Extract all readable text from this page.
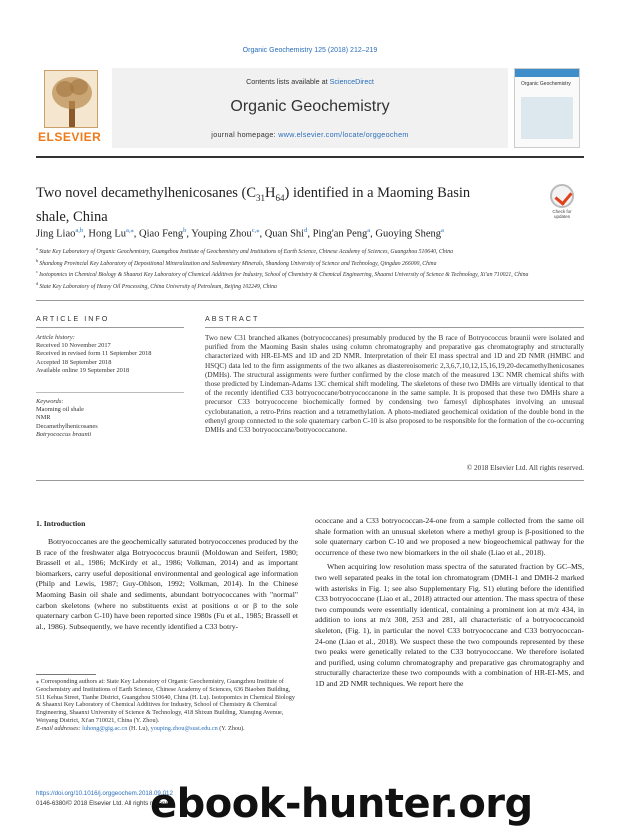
Organic Geochemistry 125 (2018) 212–219
ELSEVIER
Contents lists available at ScienceDirect
Organic Geochemistry
journal homepage: www.elsevier.com/locate/orggeochem
Organic Geochemistry
Two novel decamethylhenicosanes $(C_{31}H_{64})$ identified in a Maoming Basin shale, China	Check for updates
Jing Liao$^{a,b}$, Hong $Lu^{a,⁎}$, Qiao Feng$^b$, Youping Zhou$^{c,⁎}$, Quan Shi$^d$, Ping'an Peng$^a$, Guoying Sheng$^a$
$^a$ State Key Laboratory of Organic Geochemistry, Guangzhou Institute of Geochemistry and Institutions of Earth Science, Chinese Academy of Sciences, Guangzhou 510640, China
$^b$ Shandong Provincial Key Laboratory of Depositional Mineralization and Sedimentary Minerals, Shandong University of Science and Technology, Qingdao 266000, China
$^c$ Isotopomics in Chemical Biology & Shaanxi Key Laboratory of Chemical Additives for Industry, School of Chemistry & Chemical Engineering, Shaanxi University of Science & Technology, Xi'an 710021, China
$^d$ State Key Laboratory of Heavy Oil Processing, China University of Petroleum, Beijing 102249, China
ARTICLE INFO	ABSTRACT
Article history:
Received 10 November 2017
Received in revised form 11 September 2018
Accepted 18 September 2018
Available online 19 September 2018
Keywords:
Maoming oil shale
NMR
Decamethylhenicosanes
Botryococcus braunii
Two new C31 branched alkanes (botryococcanes) presumably produced by the B race of Botryococcus braunii were isolated and purified from the Maoming Basin shales using column chromatography and preparative gas chromatography and structurally characterized with HR-EI-MS and 1D and 2D NMR. Interpretation of their EI mass spectral and 1D and 2D NMR (HMBC and HSQC) data led to the firm assignments of the two alkanes as diastereoisomeric 2,3,6,7,10,12,15,16,19,20-decamethylhenicosanes (DMHs). The structural assignments were further confirmed by the close match of the measured 13C NMR chemical shifts with those predicted by Lindeman-Adams 13C chemical shift modeling. The skeletons of these two DMHs are virtually identical to that of the recently identified C33 botryococcane/botryococcanone in the same sample. It is proposed that these two DMHs share a precursor C33 botryococcene biochemically formed by condensing two farnesyl diphosphates involving an unusual cyclobutanation, a retro-Prins reaction and a tetramethylation. A photo-mediated geochemical oxidation of the double bond in the ethenyl group connected to the sole quaternary carbon C-10 is also proposed to be responsible for the formation of the co-occurring DMHs and C33 botryococcane/botryococcanone.
© 2018 Elsevier Ltd. All rights reserved.
1. Introduction

Botryococcanes are the geochemically saturated botryococcenes produced by the B race of the freshwater alga Botryococcus braunii (Moldowan and Seifert, 1980; Brassell et al., 1986; McKirdy et al., 1986; Volkman, 2014) and as important biomarkers, carry useful depositional environmental and geological age information (Philp and Lewis, 1987; Guy-Ohlson, 1992; Volkman, 2014). In the Chinese Maoming Basin oil shale and sediments, abundant botryococcanes with "normal" carbon skeletons (where no substituents exist at positions α or β to the sole quaternary carbon C-10) have been reported since 1980s (Fu et al., 1985; Brassell et al., 1986). Subsequently, we have recently identified a C33 botry-

ococcane and a C33 botryococcan-24-one from a sample collected from the same oil shale formation with an unusual skeleton where a methyl group is β-positioned to the sole quaternary carbon C-10 and we proposed a new biogeochemical pathway for the occurrence of these two new biomarkers in the oil shale (Liao et al., 2018).

When acquiring low resolution mass spectra of the saturated fraction by GC–MS, two well separated peaks in the total ion chromatogram (DMH-1 and DMH-2 marked with asterisks in Fig. 1; see also Supplementary Fig. S1) eluting before the identified C33 botryococcane (Liao et al., 2018) attracted our attention. The mass spectra of these two compounds were essentially identical, containing a prominent ion at m/z 434, in addition to ions at m/z 308, 253 and 281, all characteristic of a botryococcanoid skeleton, (Fig. 1), in particular the novel C33 botryococcane and C33 botryococcan-24-one (Liao et al., 2018). We suspect these the two compounds represented by these two peaks were genetically related to the C33 botryococcane. We therefore isolated and purified, using column chromatography and preparative gas chromatography and structurally characterize these two compounds with a combination of HR-EI-MS, and 1D and 2D NMR techniques. We report here the

⁎ Corresponding authors at: State Key Laboratory of Organic Geochemistry, Guangzhou Institute of Geochemistry and Institutions of Earth Science, Chinese Academy of Sciences, 636 Biaoben Building, 511 Kehua Street, Tianhe District, Guangzhou 510640, China (H. Lu). Isotopomics in Chemical Biology & Shaanxi Key Laboratory of Chemical Additives for Industry, School of Chemistry & Chemical Engineering, Shaanxi University of Science & Technology, 418 Shixun Building, Xianqing Avenue, Weiyang District, Xi'an 710021, China (Y. Zhou).
E-mail addresses: luhong@gig.ac.cn (H. Lu), youping.zhou@sust.edu.cn (Y. Zhou).
https://doi.org/10.1016/j.orggeochem.2018.09.012
0146-6380/© 2018 Elsevier Ltd. All rights reserved.
ebook-hunter.org
